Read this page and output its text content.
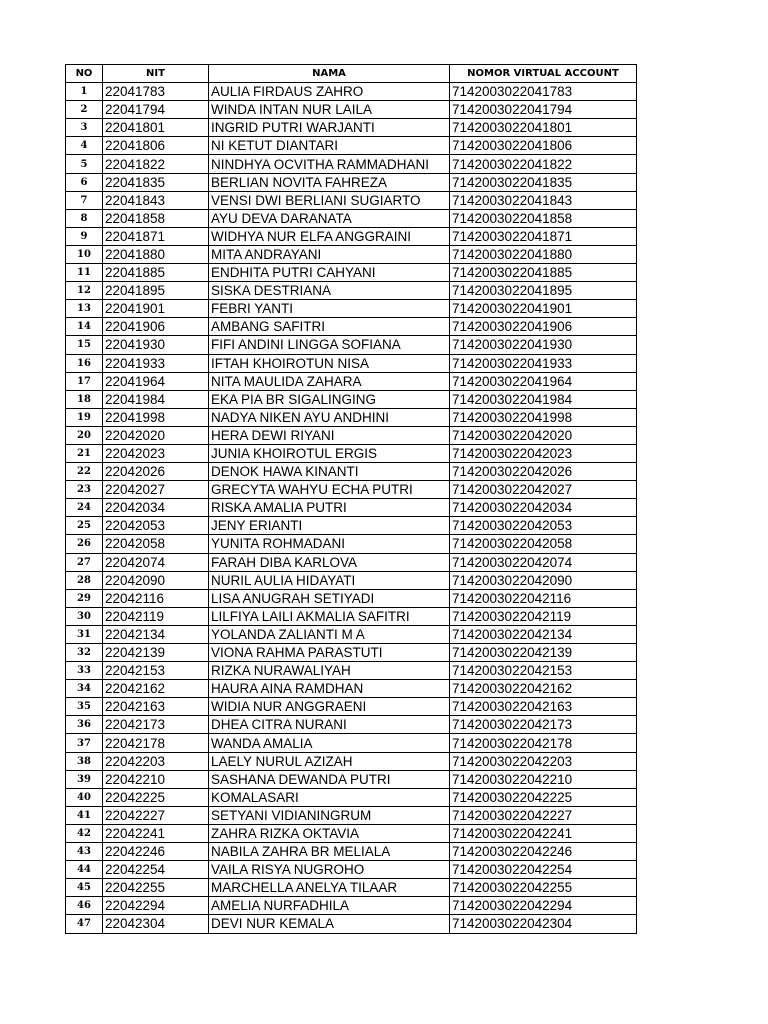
NO	NIT	NAMA	NOMOR VIRTUAL ACCOUNT
1	22041783	AULIA FIRDAUS ZAHRO	7142003022041783
2	22041794	WINDA INTAN NUR LAILA	7142003022041794
3	22041801	INGRID PUTRI WARJANTI	7142003022041801
4	22041806	NI KETUT DIANTARI	7142003022041806
5	22041822	NINDHYA OCVITHA RAMMADHANI	7142003022041822
6	22041835	BERLIAN NOVITA FAHREZA	7142003022041835
7	22041843	VENSI DWI BERLIANI SUGIARTO	7142003022041843
8	22041858	AYU DEVA DARANATA	7142003022041858
9	22041871	WIDHYA NUR ELFA ANGGRAINI	7142003022041871
10	22041880	MITA ANDRAYANI	7142003022041880
11	22041885	ENDHITA PUTRI CAHYANI	7142003022041885
12	22041895	SISKA DESTRIANA	7142003022041895
13	22041901	FEBRI YANTI	7142003022041901
14	22041906	AMBANG SAFITRI	7142003022041906
15	22041930	FIFI ANDINI LINGGA SOFIANA	7142003022041930
16	22041933	IFTAH KHOIROTUN NISA	7142003022041933
17	22041964	NITA MAULIDA ZAHARA	7142003022041964
18	22041984	EKA PIA BR SIGALINGING	7142003022041984
19	22041998	NADYA NIKEN AYU ANDHINI	7142003022041998
20	22042020	HERA DEWI RIYANI	7142003022042020
21	22042023	JUNIA KHOIROTUL ERGIS	7142003022042023
22	22042026	DENOK HAWA KINANTI	7142003022042026
23	22042027	GRECYTA WAHYU ECHA PUTRI	7142003022042027
24	22042034	RISKA AMALIA PUTRI	7142003022042034
25	22042053	JENY ERIANTI	7142003022042053
26	22042058	YUNITA ROHMADANI	7142003022042058
27	22042074	FARAH DIBA KARLOVA	7142003022042074
28	22042090	NURIL AULIA HIDAYATI	7142003022042090
29	22042116	LISA ANUGRAH SETIYADI	7142003022042116
30	22042119	LILFIYA LAILI AKMALIA SAFITRI	7142003022042119
31	22042134	YOLANDA ZALIANTI M A	7142003022042134
32	22042139	VIONA RAHMA PARASTUTI	7142003022042139
33	22042153	RIZKA NURAWALIYAH	7142003022042153
34	22042162	HAURA AINA RAMDHAN	7142003022042162
35	22042163	WIDIA NUR ANGGRAENI	7142003022042163
36	22042173	DHEA CITRA NURANI	7142003022042173
37	22042178	WANDA AMALIA	7142003022042178
38	22042203	LAELY NURUL AZIZAH	7142003022042203
39	22042210	SASHANA DEWANDA PUTRI	7142003022042210
40	22042225	KOMALASARI	7142003022042225
41	22042227	SETYANI VIDIANINGRUM	7142003022042227
42	22042241	ZAHRA RIZKA OKTAVIA	7142003022042241
43	22042246	NABILA ZAHRA BR MELIALA	7142003022042246
44	22042254	VAILA RISYA NUGROHO	7142003022042254
45	22042255	MARCHELLA ANELYA TILAAR	7142003022042255
46	22042294	AMELIA NURFADHILA	7142003022042294
47	22042304	DEVI NUR KEMALA	7142003022042304
